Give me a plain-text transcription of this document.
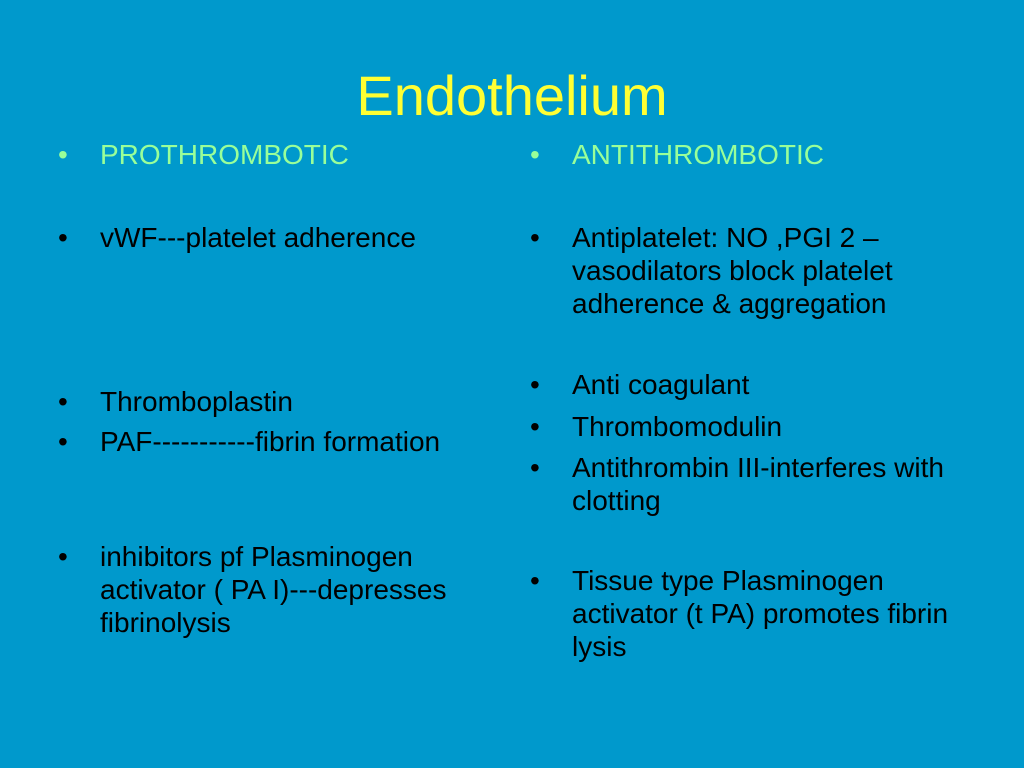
Endothelium
•	PROTHROMBOTIC
•	vWF---platelet adherence
•	Thromboplastin
•	PAF-----------fibrin formation
•	inhibitors pf Plasminogen activator ( PA I)---depresses fibrinolysis
•	ANTITHROMBOTIC
•	Antiplatelet: NO ,PGI 2 – vasodilators block platelet adherence & aggregation
•	Anti coagulant
•	Thrombomodulin
•	Antithrombin III-interferes with clotting
•	Tissue type Plasminogen activator (t PA) promotes fibrin lysis
